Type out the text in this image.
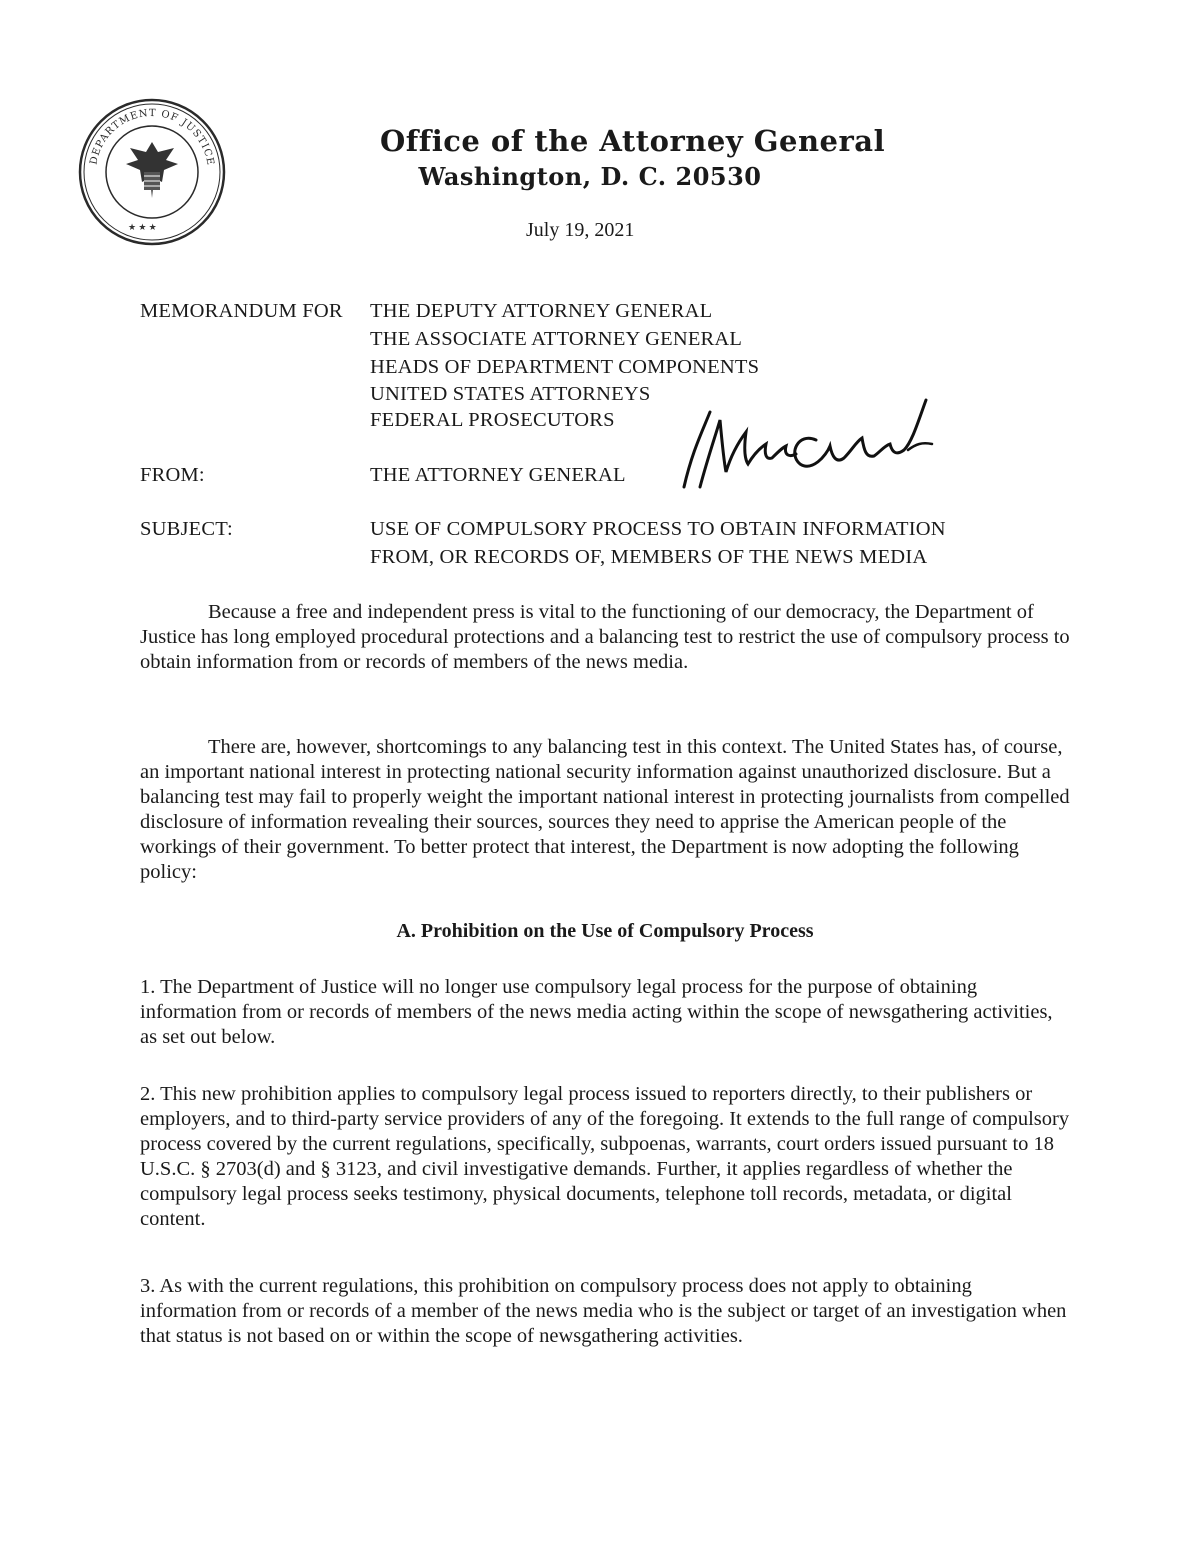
DEPARTMENT OF JUSTICE
★ ★ ★
Office of the Attorney General
Washington, D. C. 20530
July 19, 2021
MEMORANDUM FOR THE DEPUTY ATTORNEY GENERAL
THE ASSOCIATE ATTORNEY GENERAL
HEADS OF DEPARTMENT COMPONENTS
UNITED STATES ATTORNEYS
FEDERAL PROSECUTORS
FROM:	THE ATTORNEY GENERAL
SUBJECT:	USE OF COMPULSORY PROCESS TO OBTAIN INFORMATION
FROM, OR RECORDS OF, MEMBERS OF THE NEWS MEDIA
Because a free and independent press is vital to the functioning of our democracy, the Department of Justice has long employed procedural protections and a balancing test to restrict the use of compulsory process to obtain information from or records of members of the news media.
There are, however, shortcomings to any balancing test in this context. The United States has, of course, an important national interest in protecting national security information against unauthorized disclosure. But a balancing test may fail to properly weight the important national interest in protecting journalists from compelled disclosure of information revealing their sources, sources they need to apprise the American people of the workings of their government. To better protect that interest, the Department is now adopting the following policy:
A. Prohibition on the Use of Compulsory Process
1. The Department of Justice will no longer use compulsory legal process for the purpose of obtaining information from or records of members of the news media acting within the scope of newsgathering activities, as set out below.
2. This new prohibition applies to compulsory legal process issued to reporters directly, to their publishers or employers, and to third-party service providers of any of the foregoing. It extends to the full range of compulsory process covered by the current regulations, specifically, subpoenas, warrants, court orders issued pursuant to 18 U.S.C. § 2703(d) and § 3123, and civil investigative demands. Further, it applies regardless of whether the compulsory legal process seeks testimony, physical documents, telephone toll records, metadata, or digital content.
3. As with the current regulations, this prohibition on compulsory process does not apply to obtaining information from or records of a member of the news media who is the subject or target of an investigation when that status is not based on or within the scope of newsgathering activities.
